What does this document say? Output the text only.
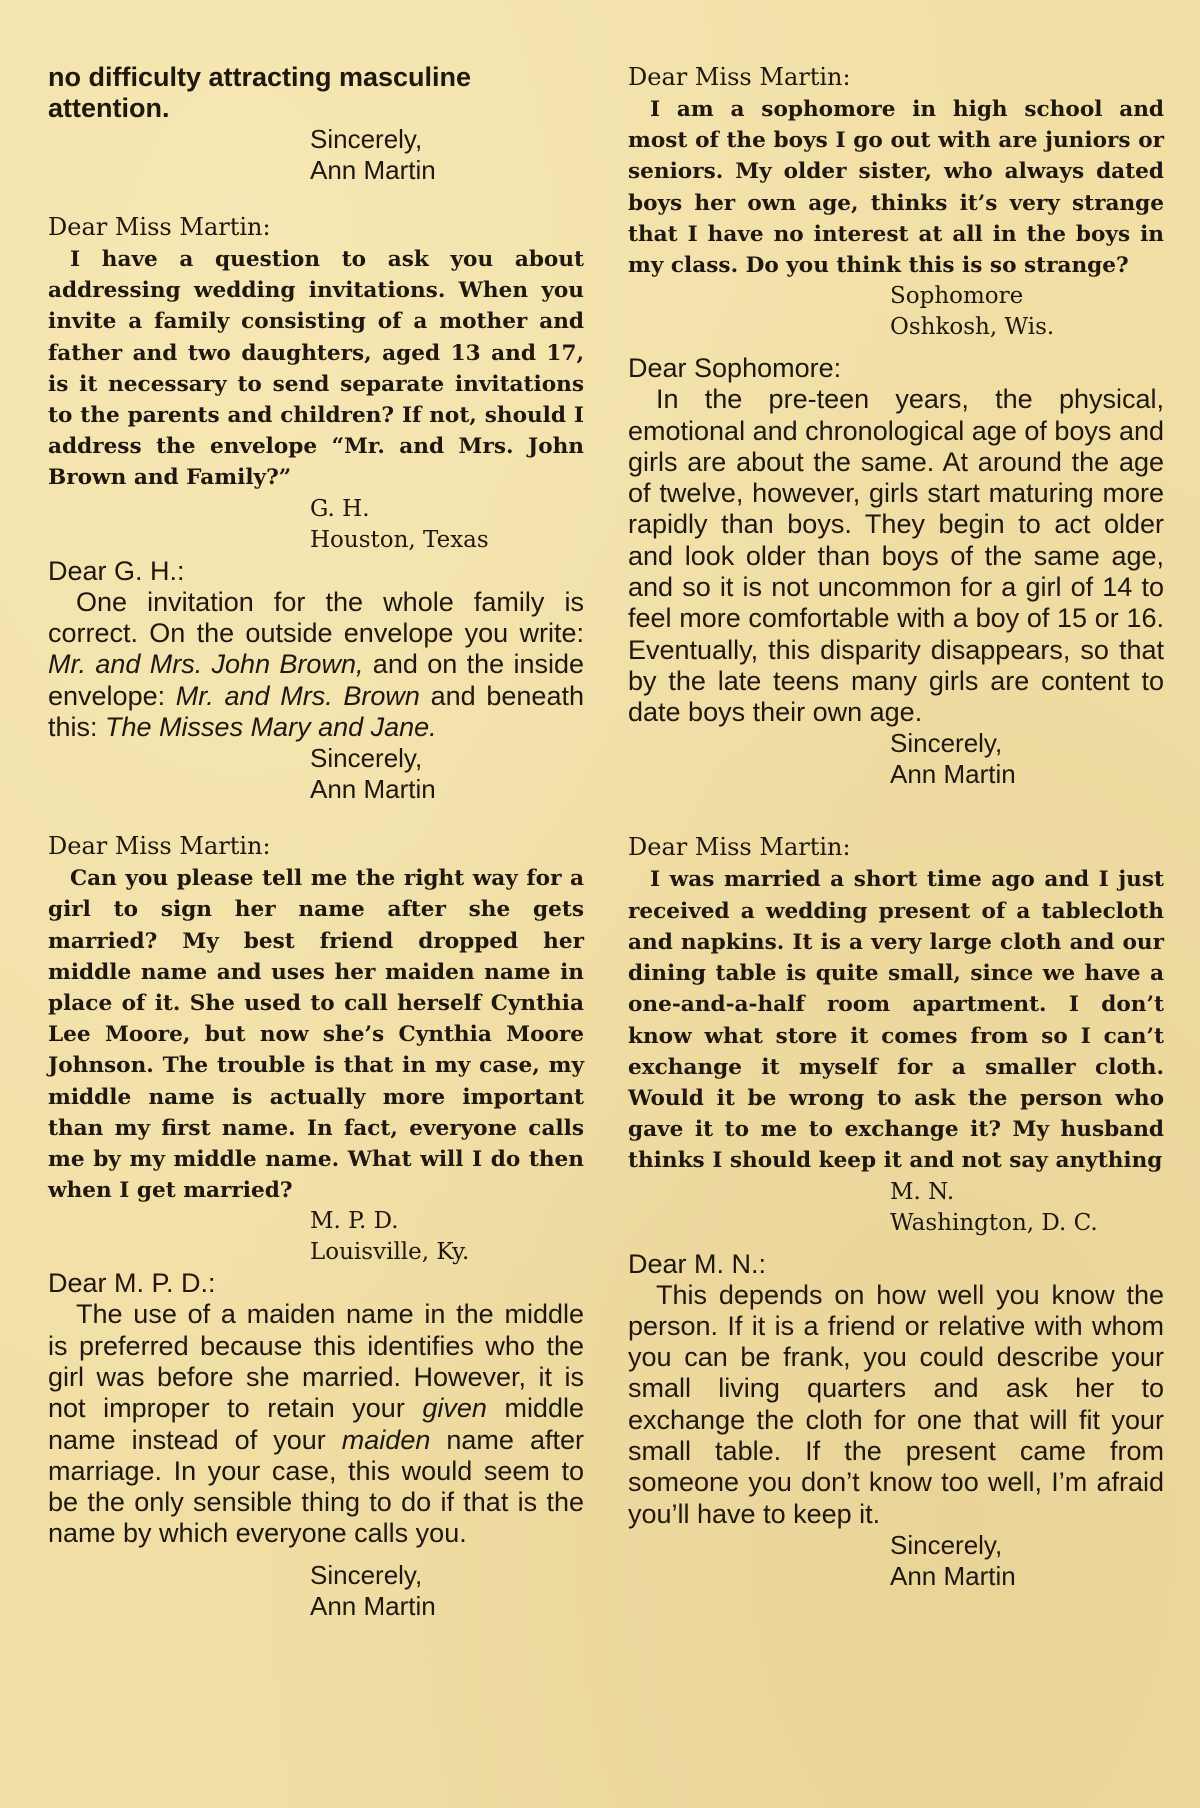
no difficulty attracting masculine attention.

Sincerely,
Ann Martin

Dear Miss Martin:

I have a question to ask you about addressing wedding invitations. When you invite a family consisting of a mother and father and two daughters, aged 13 and 17, is it necessary to send separate invitations to the parents and children? If not, should I address the envelope “Mr. and Mrs. John Brown and Family?”

G. H.
Houston, Texas

Dear G. H.:

One invitation for the whole family is correct. On the outside envelope you write: Mr. and Mrs. John Brown, and on the inside envelope: Mr. and Mrs. Brown and beneath this: The Misses Mary and Jane.

Sincerely,
Ann Martin

Dear Miss Martin:

Can you please tell me the right way for a girl to sign her name after she gets married? My best friend dropped her middle name and uses her maiden name in place of it. She used to call herself Cynthia Lee Moore, but now she’s Cynthia Moore Johnson. The trouble is that in my case, my middle name is actually more important than my first name. In fact, everyone calls me by my middle name. What will I do then when I get married?

M. P. D.
Louisville, Ky.

Dear M. P. D.:

The use of a maiden name in the middle is preferred because this identifies who the girl was before she married. However, it is not improper to retain your given middle name instead of your maiden name after marriage. In your case, this would seem to be the only sensible thing to do if that is the name by which everyone calls you.

Sincerely,
Ann Martin

Dear Miss Martin:

I am a sophomore in high school and most of the boys I go out with are juniors or seniors. My older sister, who always dated boys her own age, thinks it’s very strange that I have no interest at all in the boys in my class. Do you think this is so strange?

Sophomore
Oshkosh, Wis.

Dear Sophomore:

In the pre-teen years, the physical, emotional and chronological age of boys and girls are about the same. At around the age of twelve, however, girls start maturing more rapidly than boys. They begin to act older and look older than boys of the same age, and so it is not uncommon for a girl of 14 to feel more comfortable with a boy of 15 or 16. Eventually, this disparity disappears, so that by the late teens many girls are content to date boys their own age.

Sincerely,
Ann Martin

Dear Miss Martin:

I was married a short time ago and I just received a wedding present of a tablecloth and napkins. It is a very large cloth and our dining table is quite small, since we have a one-and-a-half room apartment. I don’t know what store it comes from so I can’t exchange it myself for a smaller cloth. Would it be wrong to ask the person who gave it to me to exchange it? My husband thinks I should keep it and not say anything

M. N.
Washington, D. C.

Dear M. N.:

This depends on how well you know the person. If it is a friend or relative with whom you can be frank, you could describe your small living quarters and ask her to exchange the cloth for one that will fit your small table. If the present came from someone you don’t know too well, I’m afraid you’ll have to keep it.

Sincerely,
Ann Martin
